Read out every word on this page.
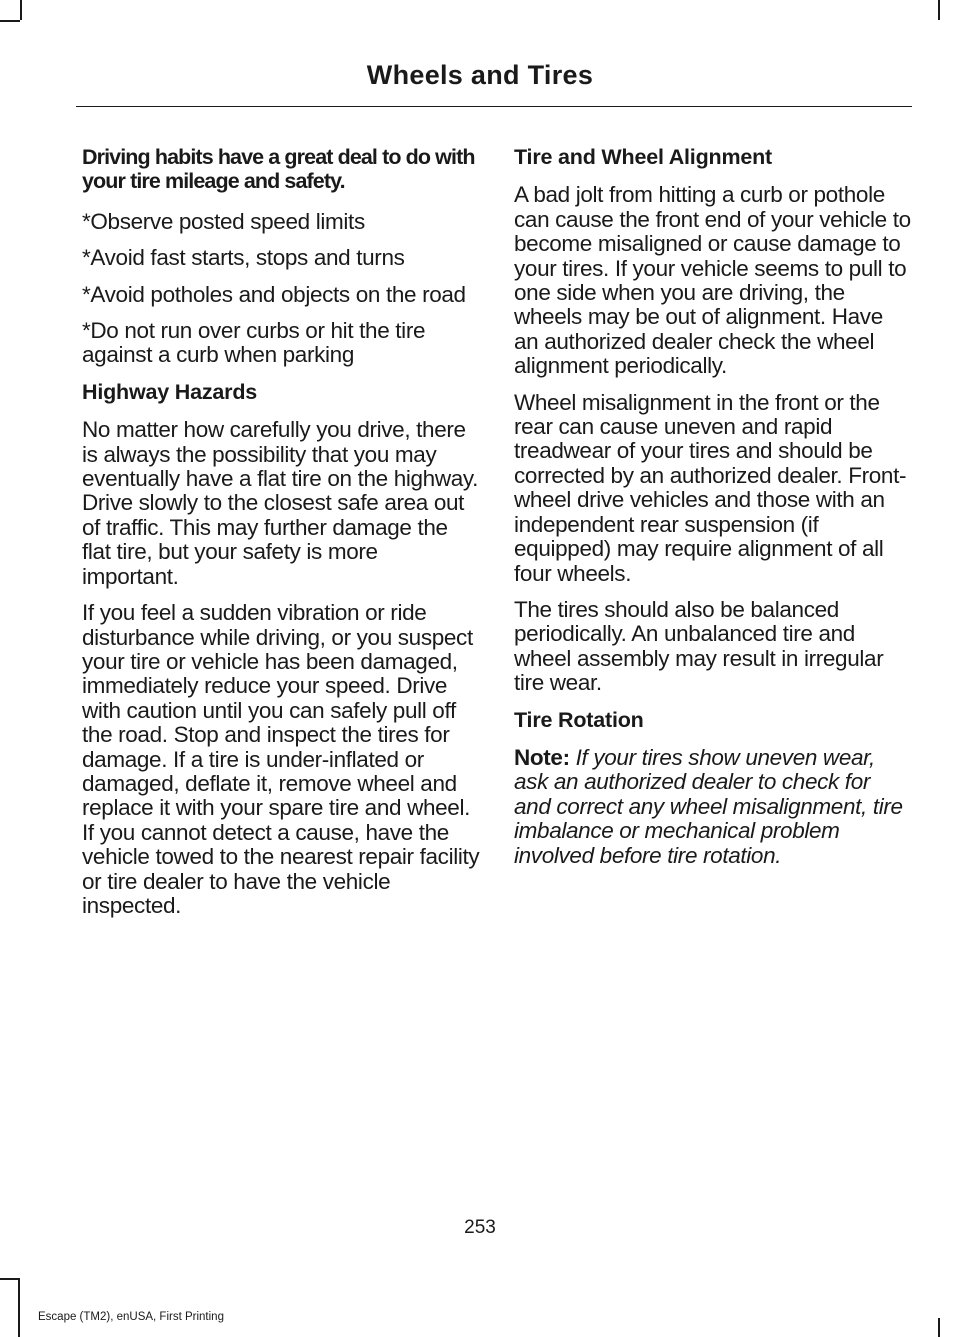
Wheels and Tires
Driving habits have a great deal to do with your tire mileage and safety.

*Observe posted speed limits

*Avoid fast starts, stops and turns

*Avoid potholes and objects on the road

*Do not run over curbs or hit the tire against a curb when parking

Highway Hazards

No matter how carefully you drive, there is always the possibility that you may eventually have a flat tire on the highway. Drive slowly to the closest safe area out of traffic. This may further damage the flat tire, but your safety is more important.

If you feel a sudden vibration or ride disturbance while driving, or you suspect your tire or vehicle has been damaged, immediately reduce your speed. Drive with caution until you can safely pull off the road. Stop and inspect the tires for damage. If a tire is under-inflated or damaged, deflate it, remove wheel and replace it with your spare tire and wheel. If you cannot detect a cause, have the vehicle towed to the nearest repair facility or tire dealer to have the vehicle inspected.

Tire and Wheel Alignment

A bad jolt from hitting a curb or pothole can cause the front end of your vehicle to become misaligned or cause damage to your tires. If your vehicle seems to pull to one side when you are driving, the wheels may be out of alignment. Have an authorized dealer check the wheel alignment periodically.

Wheel misalignment in the front or the rear can cause uneven and rapid treadwear of your tires and should be corrected by an authorized dealer. Front-wheel drive vehicles and those with an independent rear suspension (if equipped) may require alignment of all four wheels.

The tires should also be balanced periodically. An unbalanced tire and wheel assembly may result in irregular tire wear.

Tire Rotation

Note: If your tires show uneven wear, ask an authorized dealer to check for and correct any wheel misalignment, tire imbalance or mechanical problem involved before tire rotation.

253
Escape (TM2), enUSA, First Printing
